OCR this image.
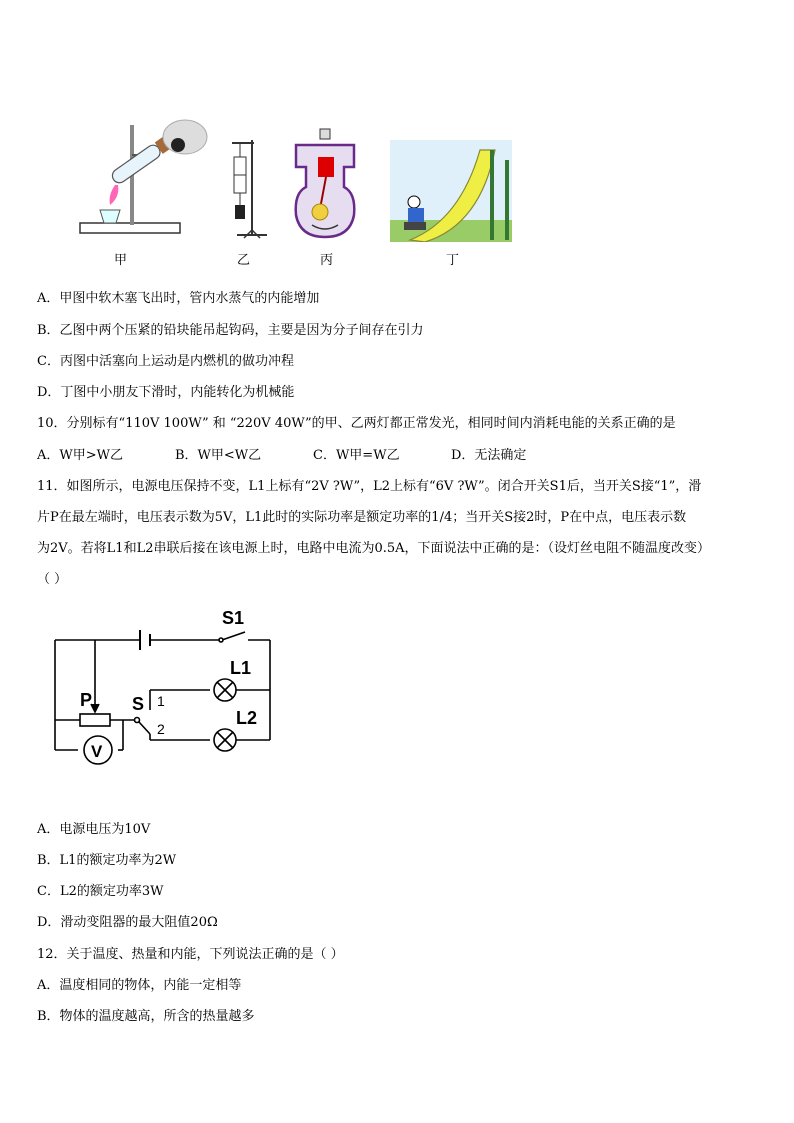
甲	乙	丙	丁
A．甲图中软木塞飞出时，管内水蒸气的内能增加
B．乙图中两个压紧的铅块能吊起钩码，主要是因为分子间存在引力
C．丙图中活塞向上运动是内燃机的做功冲程
D．丁图中小朋友下滑时，内能转化为机械能
10．分别标有“110V 100W” 和 “220V 40W”的甲、乙两灯都正常发光，相同时间内消耗电能的关系正确的是
A．W甲>W乙	B．W甲<W乙	C．W甲=W乙	D．无法确定
11．如图所示，电源电压保持不变，L1上标有“2V ?W”，L2上标有“6V ?W”。闭合开关S1后，当开关S接“1”，滑
片P在最左端时，电压表示数为5V，L1此时的实际功率是额定功率的1/4；当开关S接2时，P在中点，电压表示数
为2V。若将L1和L2串联后接在该电源上时，电路中电流为0.5A，下面说法中正确的是：（设灯丝电阻不随温度改变）
（ ）
S1
L1
L2
P S
V
1
2
A．电源电压为10V
B．L1的额定功率为2W
C．L2的额定功率3W
D．滑动变阻器的最大阻值20Ω
12．关于温度、热量和内能，下列说法正确的是（ ）
A．温度相同的物体，内能一定相等
B．物体的温度越高，所含的热量越多
